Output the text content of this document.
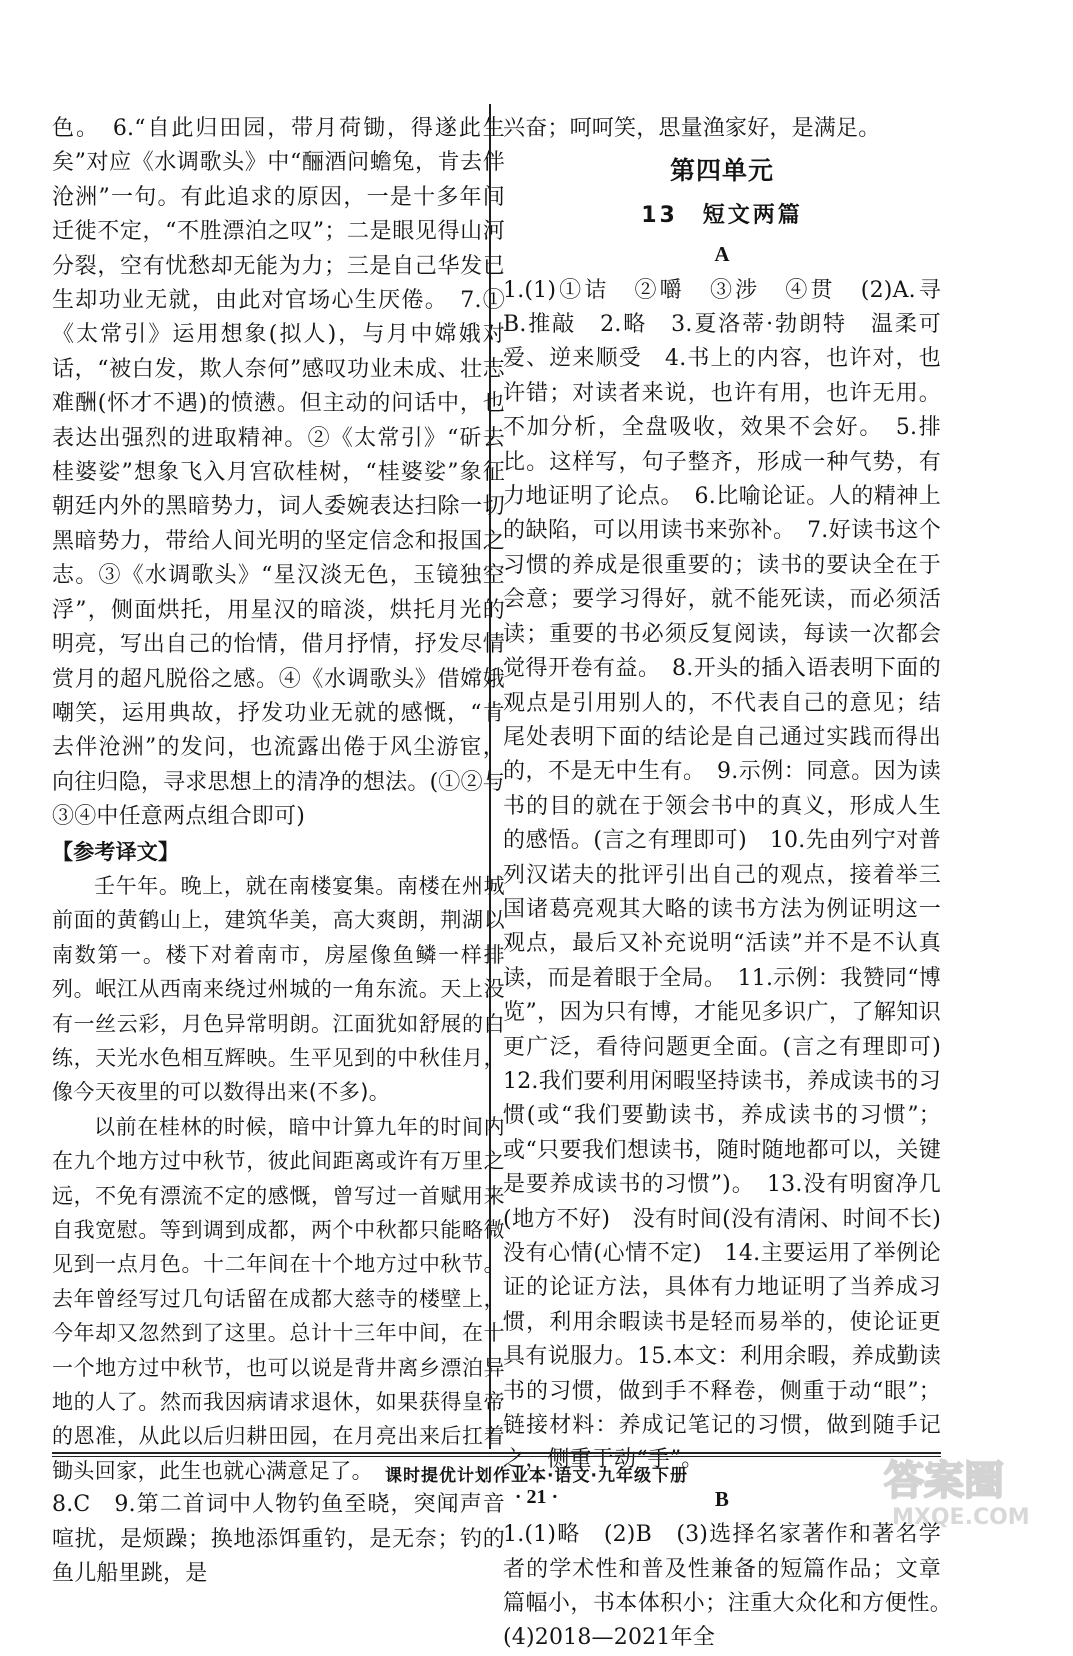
色。　6.“自此归田园，带月荷锄，得遂此生矣”对应《水调歌头》中“酾酒问蟾兔，肯去伴沧洲”一句。有此追求的原因，一是十多年间迁徙不定，“不胜漂泊之叹”；二是眼见得山河分裂，空有忧愁却无能为力；三是自己华发已生却功业无就，由此对官场心生厌倦。　7.①《太常引》运用想象(拟人)，与月中嫦娥对话，“被白发，欺人奈何”感叹功业未成、壮志难酬(怀才不遇)的愤懑。但主动的问话中，也表达出强烈的进取精神。②《太常引》“斫去桂婆娑”想象飞入月宫砍桂树，“桂婆娑”象征朝廷内外的黑暗势力，词人委婉表达扫除一切黑暗势力，带给人间光明的坚定信念和报国之志。③《水调歌头》“星汉淡无色，玉镜独空浮”，侧面烘托，用星汉的暗淡，烘托月光的明亮，写出自己的怡情，借月抒情，抒发尽情赏月的超凡脱俗之感。④《水调歌头》借嫦娥嘲笑，运用典故，抒发功业无就的感慨，“肯去伴沧洲”的发问，也流露出倦于风尘游宦，向往归隐，寻求思想上的清净的想法。(①②与③④中任意两点组合即可)

【参考译文】

壬午年。晚上，就在南楼宴集。南楼在州城前面的黄鹤山上，建筑华美，高大爽朗，荆湖以南数第一。楼下对着南市，房屋像鱼鳞一样排列。岷江从西南来绕过州城的一角东流。天上没有一丝云彩，月色异常明朗。江面犹如舒展的白练，天光水色相互辉映。生平见到的中秋佳月，像今天夜里的可以数得出来(不多)。

以前在桂林的时候，暗中计算九年的时间内在九个地方过中秋节，彼此间距离或许有万里之远，不免有漂流不定的感慨，曾写过一首赋用来自我宽慰。等到调到成都，两个中秋都只能略微见到一点月色。十二年间在十个地方过中秋节。去年曾经写过几句话留在成都大慈寺的楼壁上，今年却又忽然到了这里。总计十三年中间，在十一个地方过中秋节，也可以说是背井离乡漂泊异地的人了。然而我因病请求退休，如果获得皇帝的恩准，从此以后归耕田园，在月亮出来后扛着锄头回家，此生也就心满意足了。

8.C　9.第二首词中人物钓鱼至晓，突闻声音喧扰，是烦躁；换地添饵重钓，是无奈；钓的鱼儿船里跳，是

兴奋；呵呵笑，思量渔家好，是满足。

第四单元

13　短文两篇

A

1.(1)①诘　②嚼　③涉　④贯　(2)A.寻　B.推敲　2.略　3.夏洛蒂·勃朗特　温柔可爱、逆来顺受　4.书上的内容，也许对，也许错；对读者来说，也许有用，也许无用。不加分析，全盘吸收，效果不会好。　5.排比。这样写，句子整齐，形成一种气势，有力地证明了论点。　6.比喻论证。人的精神上的缺陷，可以用读书来弥补。　7.好读书这个习惯的养成是很重要的；读书的要诀全在于会意；要学习得好，就不能死读，而必须活读；重要的书必须反复阅读，每读一次都会觉得开卷有益。　8.开头的插入语表明下面的观点是引用别人的，不代表自己的意见；结尾处表明下面的结论是自己通过实践而得出的，不是无中生有。　9.示例：同意。因为读书的目的就在于领会书中的真义，形成人生的感悟。(言之有理即可)　10.先由列宁对普列汉诺夫的批评引出自己的观点，接着举三国诸葛亮观其大略的读书方法为例证明这一观点，最后又补充说明“活读”并不是不认真读，而是着眼于全局。　11.示例：我赞同“博览”，因为只有博，才能见多识广，了解知识更广泛，看待问题更全面。(言之有理即可)　12.我们要利用闲暇坚持读书，养成读书的习惯(或“我们要勤读书，养成读书的习惯”；或“只要我们想读书，随时随地都可以，关键是要养成读书的习惯”)。　13.没有明窗净几(地方不好)　没有时间(没有清闲、时间不长)　没有心情(心情不定)　14.主要运用了举例论证的论证方法，具体有力地证明了当养成习惯，利用余暇读书是轻而易举的，使论证更具有说服力。15.本文：利用余暇，养成勤读书的习惯，做到手不释卷，侧重于动“眼”；链接材料：养成记笔记的习惯，做到随手记之，侧重于动“手”。

B

1.(1)略　(2)B　(3)选择名家著作和著名学者的学术性和普及性兼备的短篇作品；文章篇幅小，书本体积小；注重大众化和方便性。　(4)2018—2021年全

课时提优计划作业本·语文·九年级下册
· 21 ·	答案圈
MXQE.COM
